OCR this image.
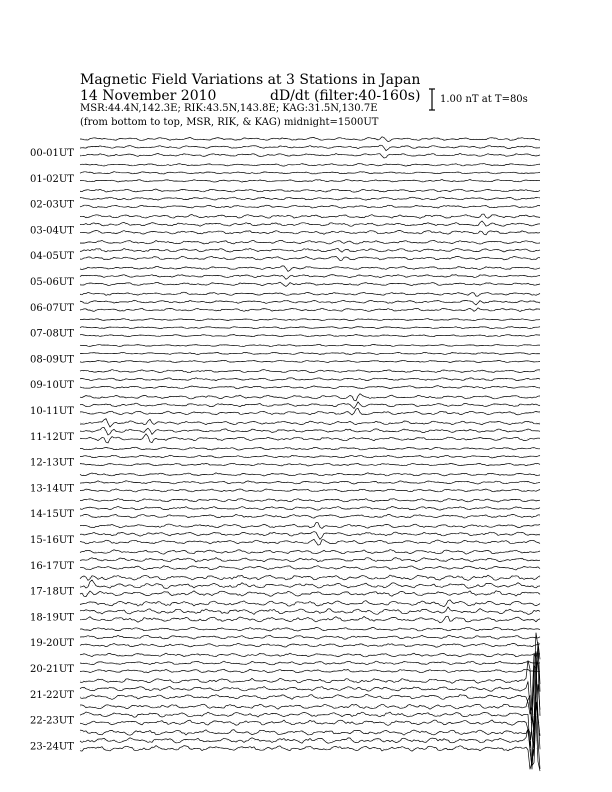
Magnetic Field Variations at 3 Stations in Japan
14 November 2010	dD/dt (filter:40-160s)
MSR:44.4N,142.3E; RIK:43.5N,143.8E; KAG:31.5N,130.7E
(from bottom to top, MSR, RIK, & KAG) midnight=1500UT
1.00 nT at T=80s
00-01UT
01-02UT
02-03UT
03-04UT
04-05UT
05-06UT
06-07UT
07-08UT
08-09UT
09-10UT
10-11UT
11-12UT
12-13UT
13-14UT
14-15UT
15-16UT
16-17UT
17-18UT
18-19UT
19-20UT
20-21UT
21-22UT
22-23UT
23-24UT
